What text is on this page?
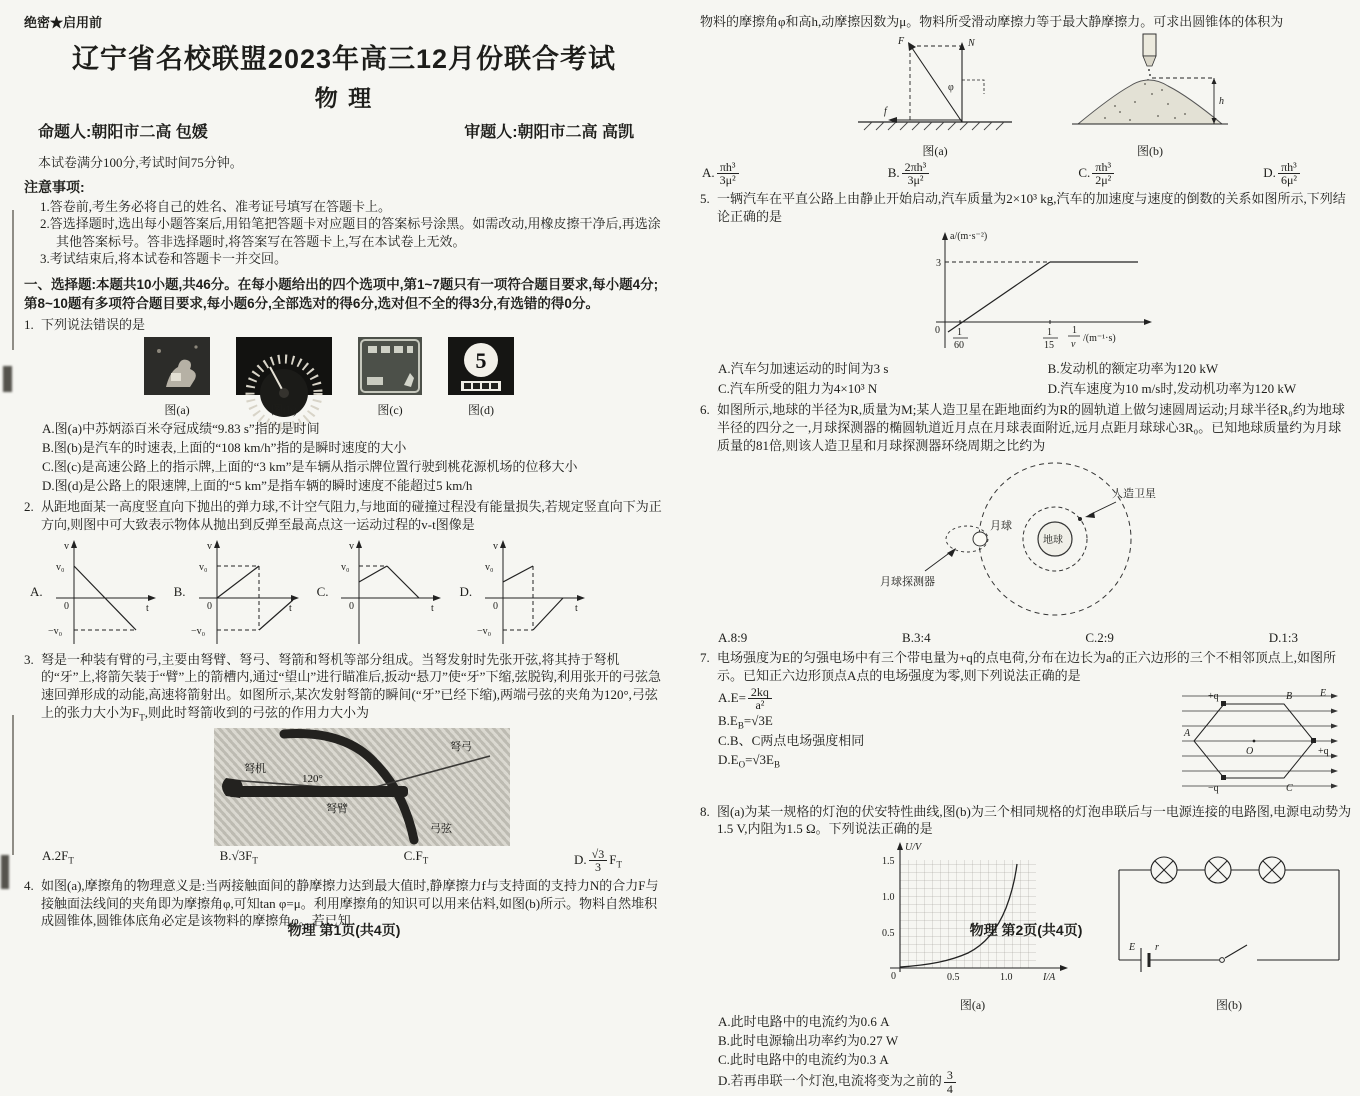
绝密★启用前
辽宁省名校联盟2023年高三12月份联合考试
物 理
命题人:朝阳市二高 包媛	审题人:朝阳市二高 高凯

本试卷满分100分,考试时间75分钟。

注意事项:

1.答卷前,考生务必将自己的姓名、准考证号填写在答题卡上。

2.答选择题时,选出每小题答案后,用铅笔把答题卡对应题目的答案标号涂黑。如需改动,用橡皮擦干净后,再选涂其他答案标号。答非选择题时,将答案写在答题卡上,写在本试卷上无效。

3.考试结束后,将本试卷和答题卡一并交回。

一、选择题:本题共10小题,共46分。在每小题给出的四个选项中,第1~7题只有一项符合题目要求,每小题4分;第8~10题有多项符合题目要求,每小题6分,全部选对的得6分,选对但不全的得3分,有选错的得0分。

1. 下列说法错误的是

图(a)	图(b)	图(c)
5
图(d)

A.图(a)中苏炳添百米夺冠成绩“9.83 s”指的是时间

B.图(b)是汽车的时速表,上面的“108 km/h”指的是瞬时速度的大小

C.图(c)是高速公路上的指示牌,上面的“3 km”是车辆从指示牌位置行驶到桃花源机场的位移大小

D.图(d)是公路上的限速牌,上面的“5 km”是指车辆的瞬时速度不能超过5 km/h

2. 从距地面某一高度竖直向下抛出的弹力球,不计空气阻力,与地面的碰撞过程没有能量损失,若规定竖直向下为正方向,则图中可大致表示物体从抛出到反弹至最高点这一运动过程的v-t图像是

A.
v
t
0
v₀
−v₀
B.
v
t
0
v₀
−v₀
C.
v
t
0
v₀
D.
v
t
0
v₀
−v₀

3. 弩是一种装有臂的弓,主要由弩臂、弩弓、弩箭和弩机等部分组成。当弩发射时先张开弦,将其持于弩机的“牙”上,将箭矢装于“臂”上的箭槽内,通过“望山”进行瞄准后,扳动“悬刀”使“牙”下缩,弦脱钩,利用张开的弓弦急速回弹形成的动能,高速将箭射出。如图所示,某次发射弩箭的瞬间(“牙”已经下缩),两端弓弦的夹角为120°,弓弦上的张力大小为$F_T$,则此时弩箭收到的弓弦的作用力大小为

120°
弩机
弩臂
弩弓
弓弦
$A.2F_T$	$B.√3F_T$	$C.F_T$	D. $\frac{√3}{3} F_T$

4. 如图(a),摩擦角的物理意义是:当两接触面间的静摩擦力达到最大值时,静摩擦力f与支持面的支持力N的合力F与接触面法线间的夹角即为摩擦角φ,可知tan φ=μ。利用摩擦角的知识可以用来估料,如图(b)所示。物料自然堆积成圆锥体,圆锥体底角必定是该物料的摩擦角φ。若已知

物理 第1页(共4页)

物料的摩擦角φ和高h,动摩擦因数为μ。物料所受滑动摩擦力等于最大静摩擦力。可求出圆锥体的体积为

F	N
f
φ
图(a)
h
图(b)
A. $\frac{\text{πh³}}{\text{3μ²}}$	B. $\frac{\text{2πh³}}{\text{3μ²}}$	C. $\frac{\text{πh³}}{\text{2μ²}}$	D. $\frac{\text{πh³}}{\text{6μ²}}$

5. 一辆汽车在平直公路上由静止开始启动,汽车质量为2×10³ kg,汽车的加速度与速度的倒数的关系如图所示,下列结论正确的是

a/(m·s⁻²)
3
0 1
60
1
15
1
v
/(m⁻¹·s)
A.汽车匀加速运动的时间为3 s	B.发动机的额定功率为120 kW
C.汽车所受的阻力为4×10³ N	D.汽车速度为10 m/s时,发动机功率为120 kW

6. 如图所示,地球的半径为R,质量为M;某人造卫星在距地面约为R的圆轨道上做匀速圆周运动;月球半径R₀约为地球半径的四分之一,月球探测器的椭圆轨道近月点在月球表面附近,远月点距月球球心3R₀。已知地球质量约为月球质量的81倍,则该人造卫星和月球探测器环绕周期之比约为

地球
人造卫星
月球
月球探测器
A.8:9	B.3:4	C.2:9	D.1:3

7. 电场强度为E的匀强电场中有三个带电量为+q的点电荷,分布在边长为a的正六边形的三个不相邻顶点上,如图所示。已知正六边形顶点A点的电场强度为零,则下列说法正确的是

$A.E= \frac{2kq}{\text{a²}}$

$B.E_B=√3E$

C.B、C两点电场强度相同

$D.E_O=√3E_B$

+q	B	E
A
O	+q
−q	C

8. 图(a)为某一规格的灯泡的伏安特性曲线,图(b)为三个相同规格的灯泡串联后与一电源连接的电路图,电源电动势为1.5 V,内阻为1.5 Ω。下列说法正确的是

U/V
1.5
1.0
0.5
0	0.5	1.0	I/A
图(a)
E r
图(b)

A.此时电路中的电流约为0.6 A

B.此时电源输出功率约为0.27 W

C.此时电路中的电流约为0.3 A

D.若再串联一个灯泡,电流将变为之前的 $\frac{3}{4}$

物理 第2页(共4页)
